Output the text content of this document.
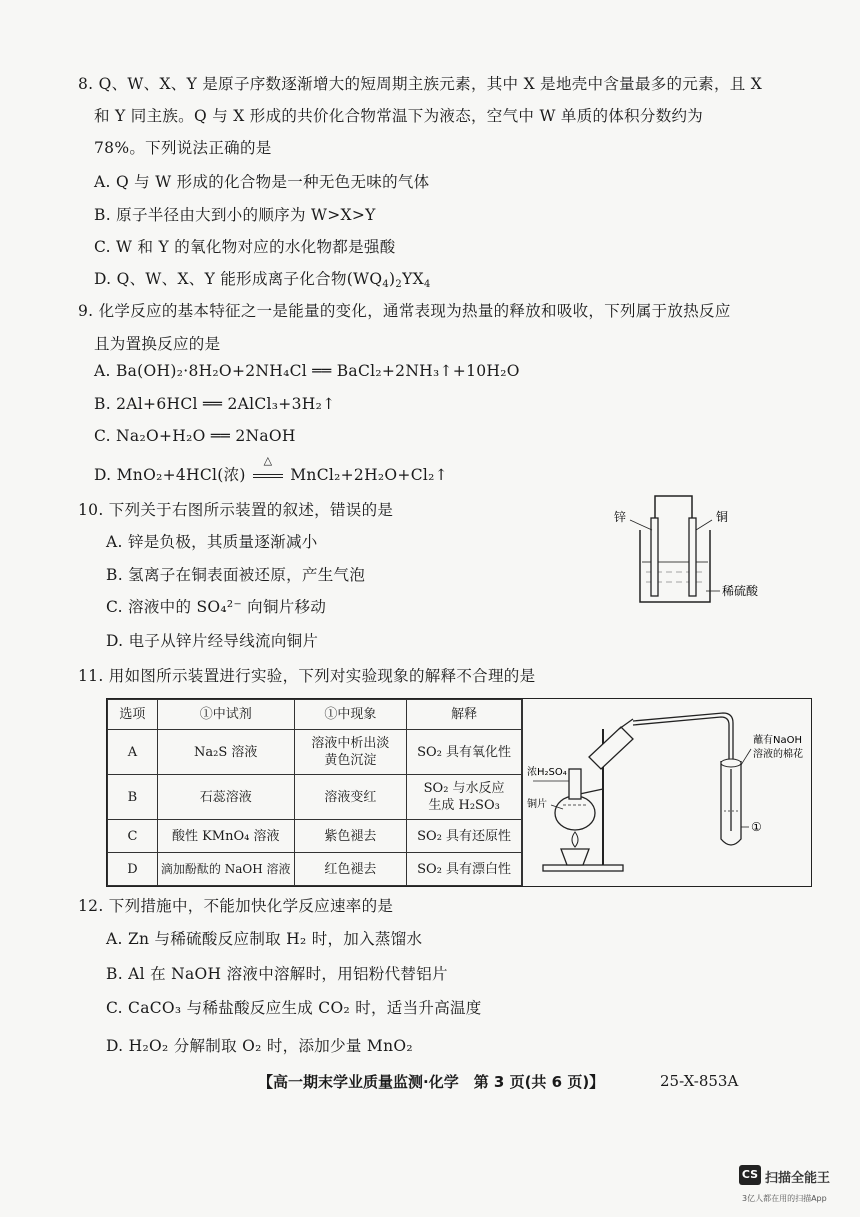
8. Q、W、X、Y 是原子序数逐渐增大的短周期主族元素，其中 X 是地壳中含量最多的元素，且 X
和 Y 同主族。Q 与 X 形成的共价化合物常温下为液态，空气中 W 单质的体积分数约为
78%。下列说法正确的是
A. Q 与 W 形成的化合物是一种无色无味的气体
B. 原子半径由大到小的顺序为 W>X>Y
C. W 和 Y 的氧化物对应的水化物都是强酸
D. Q、W、X、Y 能形成离子化合物$(WQ_4)_2YX_4$
9. 化学反应的基本特征之一是能量的变化，通常表现为热量的释放和吸收，下列属于放热反应
且为置换反应的是
A. Ba(OH)₂·8H₂O+2NH₄Cl ══ BaCl₂+2NH₃↑+10H₂O
B. 2Al+6HCl ══ 2AlCl₃+3H₂↑
C. Na₂O+H₂O ══ 2NaOH
D. MnO₂+4HCl(浓)
△
MnCl₂+2H₂O+Cl₂↑
10. 下列关于右图所示装置的叙述，错误的是
A. 锌是负极，其质量逐渐减小
B. 氢离子在铜表面被还原，产生气泡
C. 溶液中的 SO₄²⁻ 向铜片移动
D. 电子从锌片经导线流向铜片
锌	铜
稀硫酸
11. 用如图所示装置进行实验，下列对实验现象的解释不合理的是
选项	①中试剂	①中现象	解释
A	Na₂S 溶液	溶液中析出淡
黄色沉淀	SO₂ 具有氧化性
B	石蕊溶液	溶液变红	SO₂ 与水反应
生成 H₂SO₃
C	酸性 KMnO₄ 溶液	紫色褪去	SO₂ 具有还原性
D	滴加酚酞的 NaOH 溶液	红色褪去	SO₂ 具有漂白性
浓H₂SO₄
铜片
蘸有NaOH
溶液的棉花
①
12. 下列措施中，不能加快化学反应速率的是
A. Zn 与稀硫酸反应制取 H₂ 时，加入蒸馏水
B. Al 在 NaOH 溶液中溶解时，用铝粉代替铝片
C. CaCO₃ 与稀盐酸反应生成 CO₂ 时，适当升高温度
D. H₂O₂ 分解制取 O₂ 时，添加少量 MnO₂
【高一期末学业质量监测·化学　第 3 页(共 6 页)】	25-X-853A
CS 扫描全能王
3亿人都在用的扫描App
